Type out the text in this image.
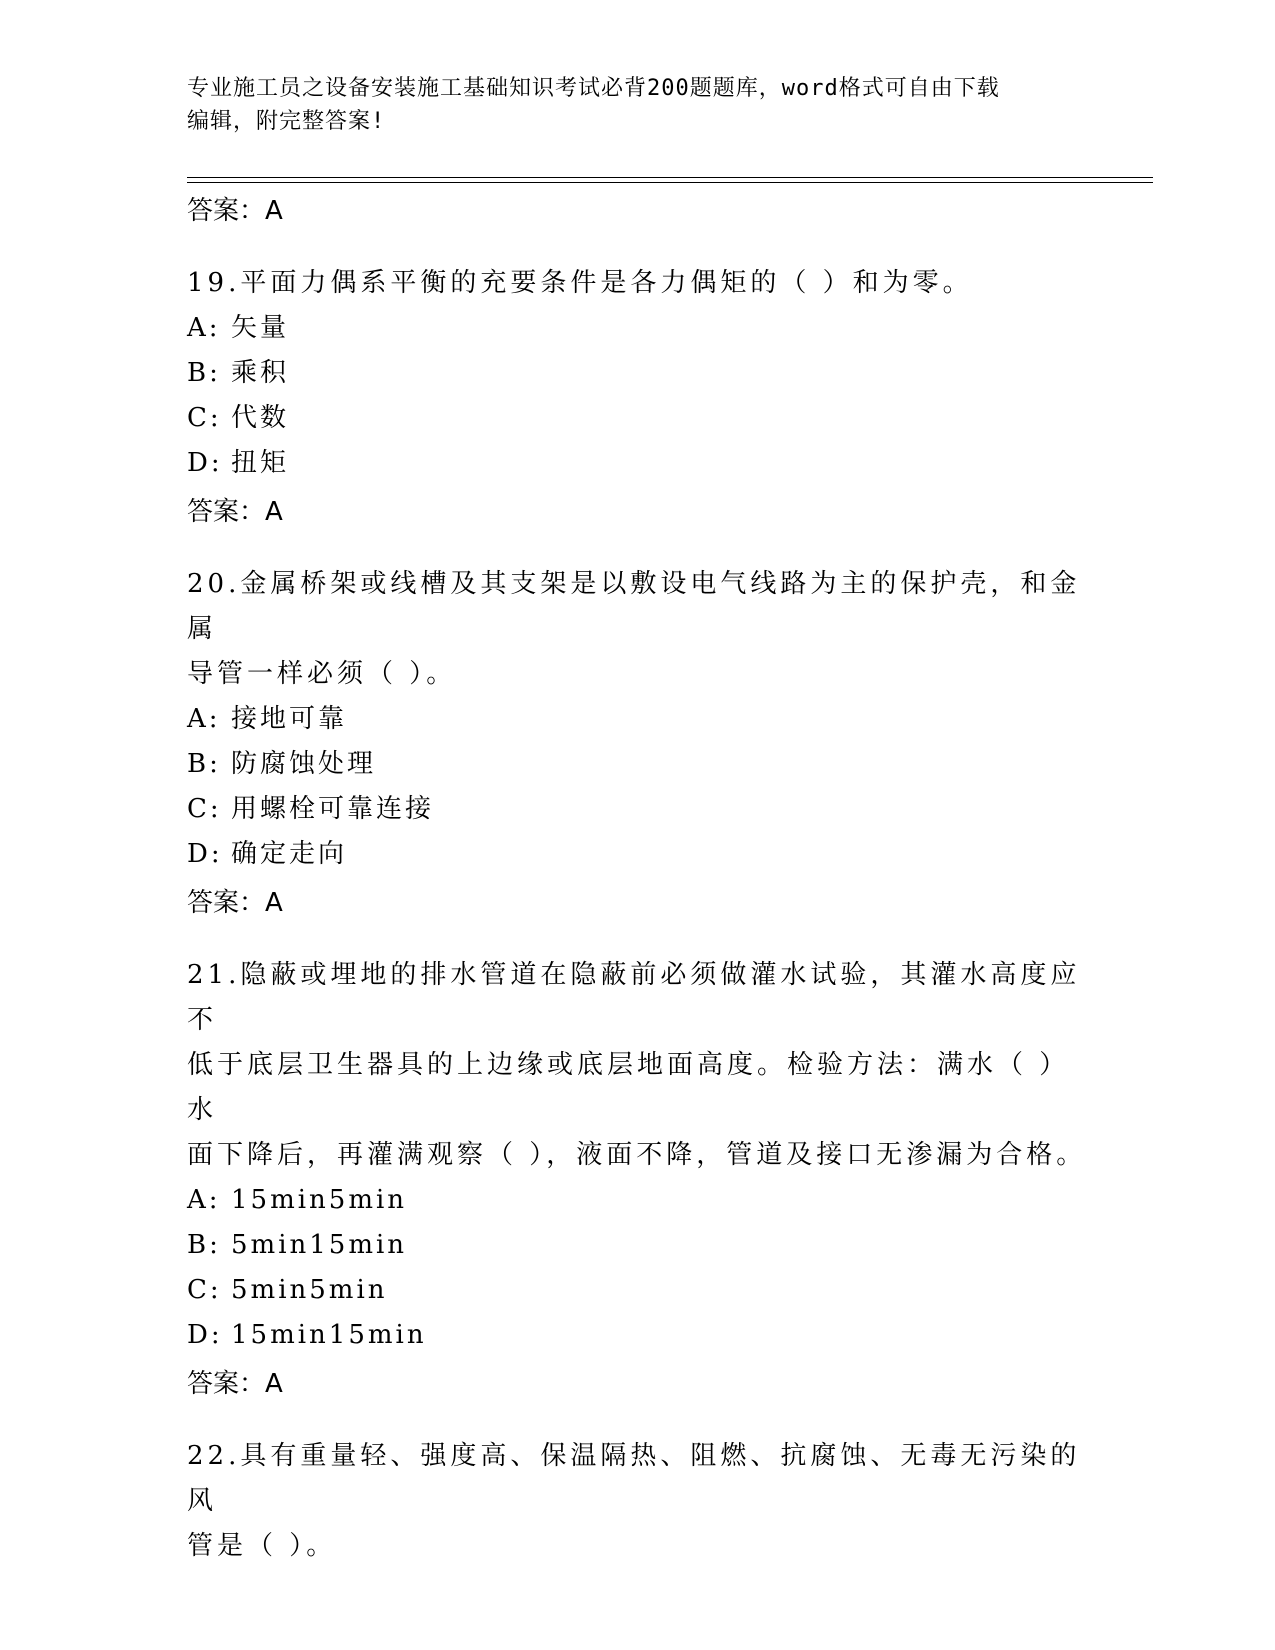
专业施工员之设备安装施工基础知识考试必背200题题库，word格式可自由下载
编辑，附完整答案!

答案：A

19.平面力偶系平衡的充要条件是各力偶矩的（ ）和为零。

A: 矢量

B: 乘积

C: 代数

D: 扭矩

答案：A

20.金属桥架或线槽及其支架是以敷设电气线路为主的保护壳，和金属
导管一样必须（ ）。

A: 接地可靠

B: 防腐蚀处理

C: 用螺栓可靠连接

D: 确定走向

答案：A

21.隐蔽或埋地的排水管道在隐蔽前必须做灌水试验，其灌水高度应不
低于底层卫生器具的上边缘或底层地面高度。检验方法：满水（ ）水
面下降后，再灌满观察（ ），液面不降，管道及接口无渗漏为合格。

A: 15min5min

B: 5min15min

C: 5min5min

D: 15min15min

答案：A

22.具有重量轻、强度高、保温隔热、阻燃、抗腐蚀、无毒无污染的风
管是（ ）。
